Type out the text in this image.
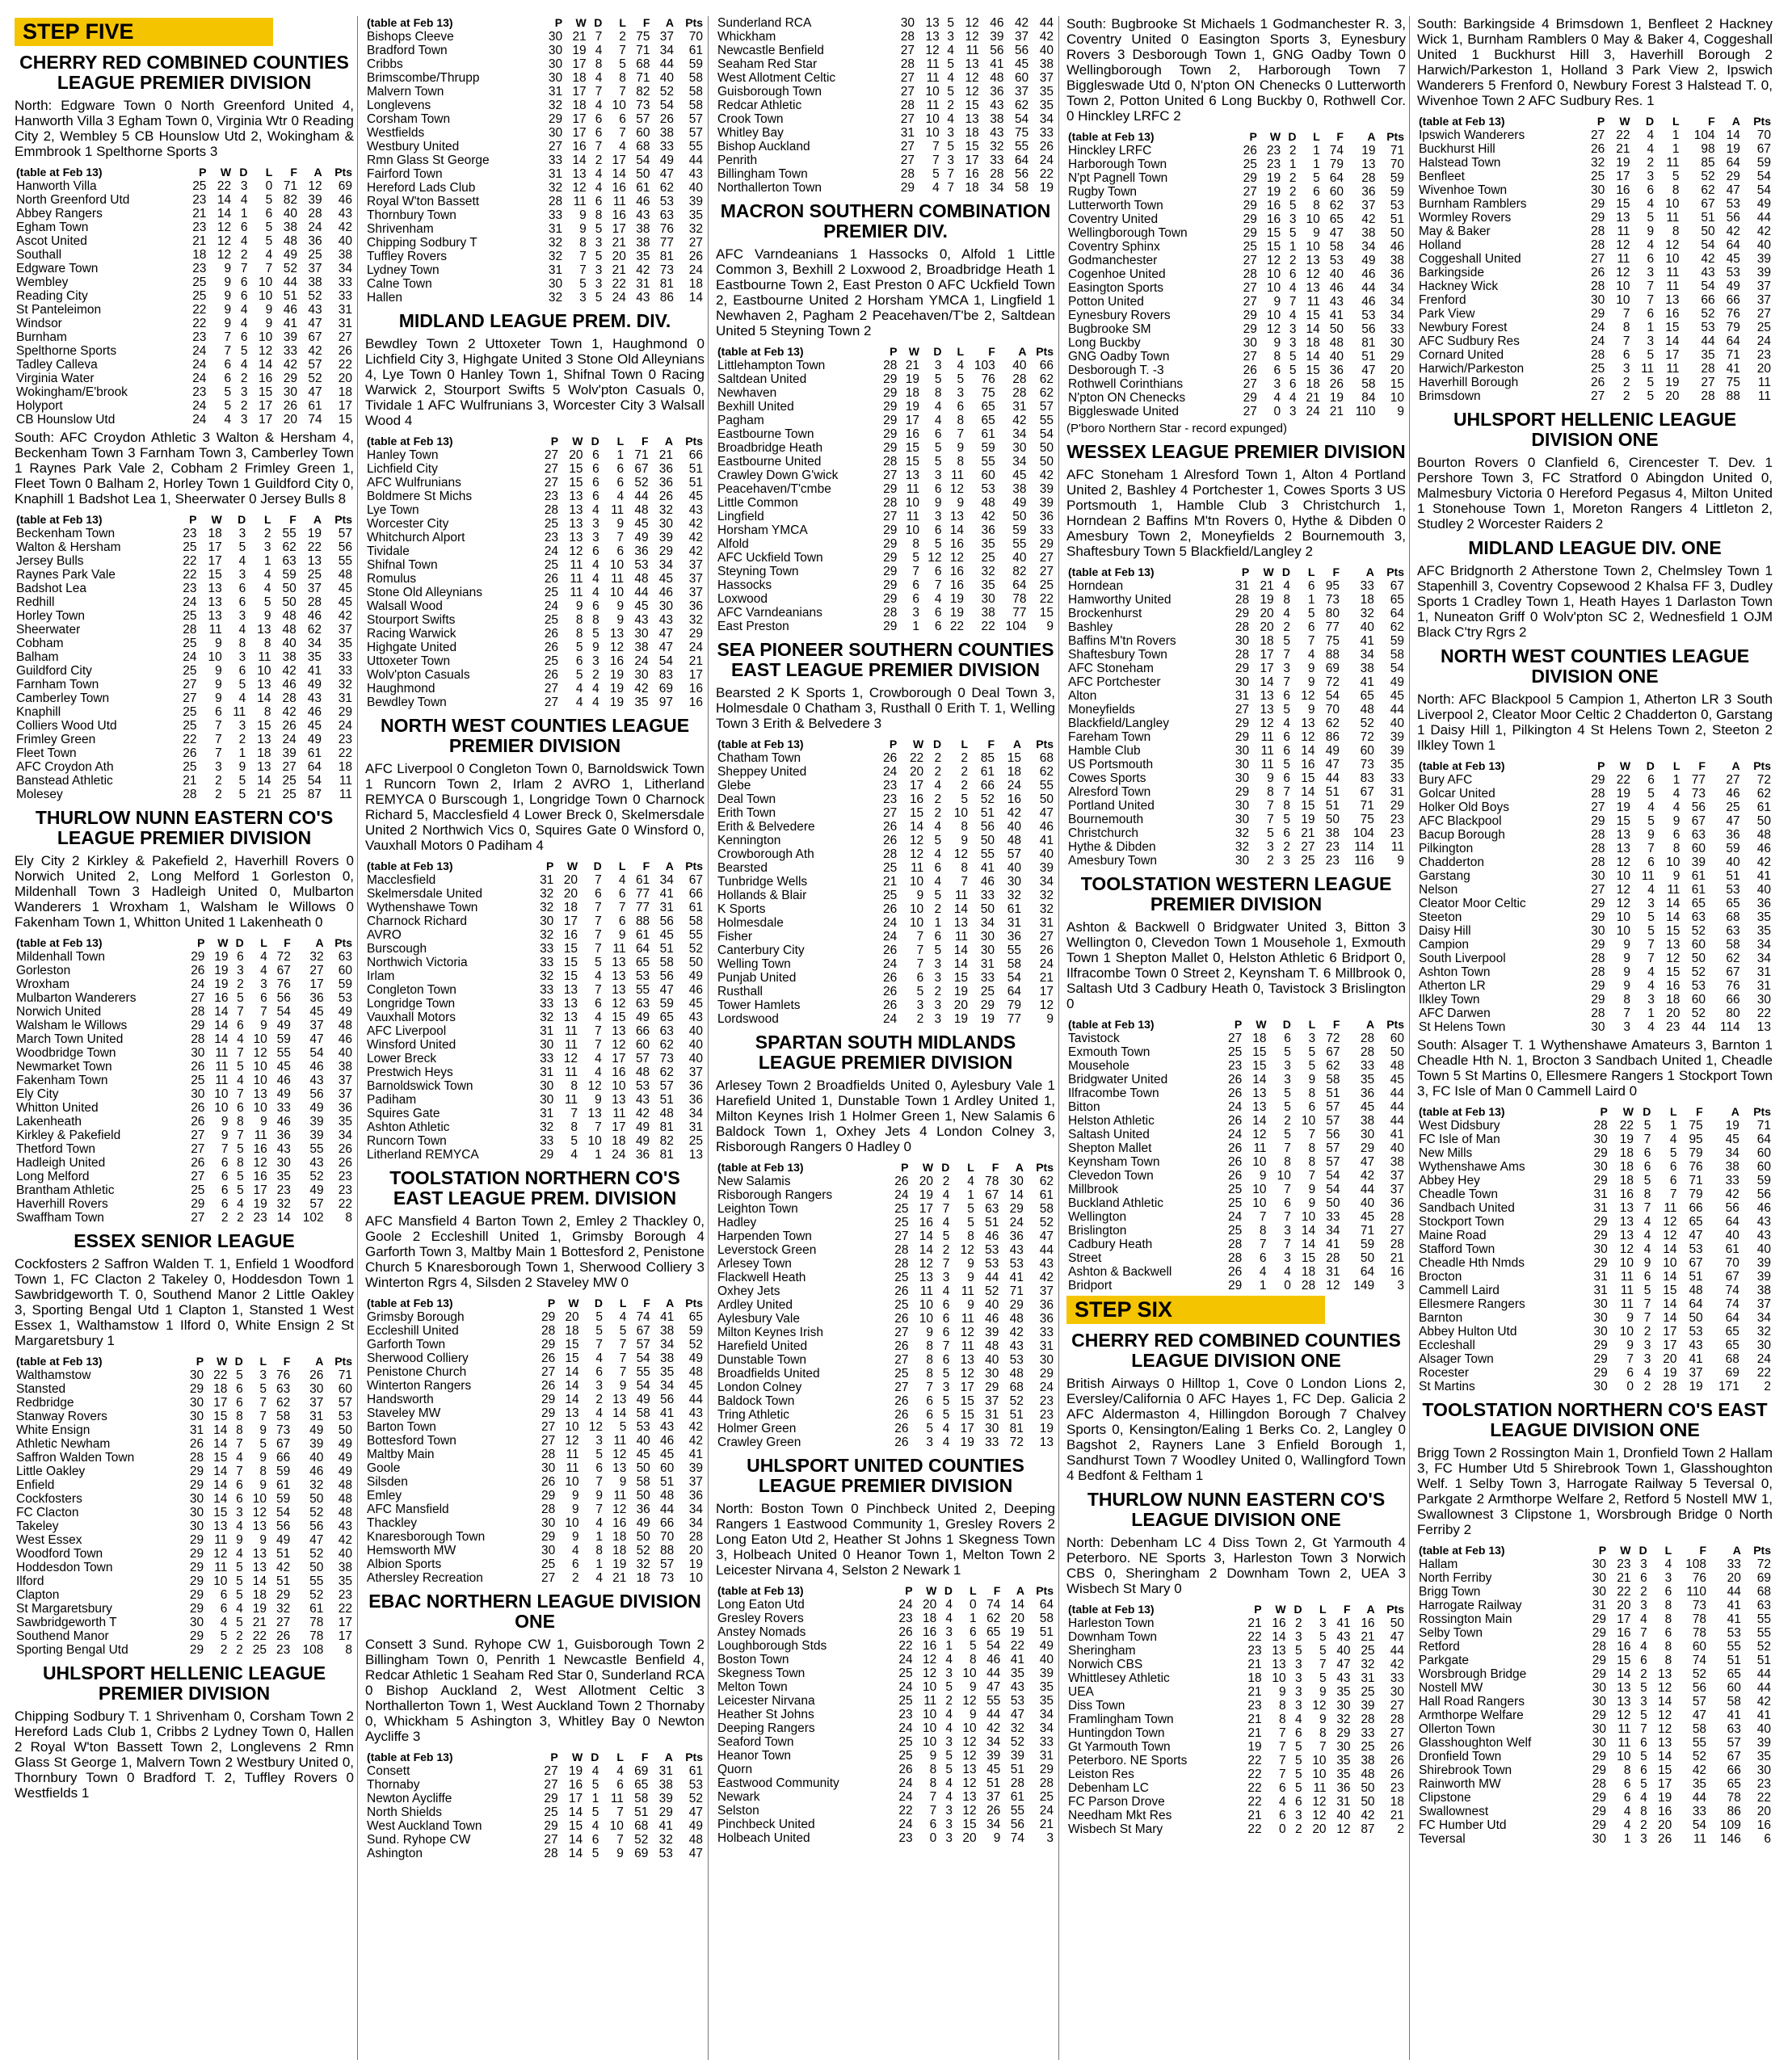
STEP FIVE
CHERRY RED COMBINED COUNTIES LEAGUE PREMIER DIVISION
North: Edgware Town 0 North Greenford United 4, Hanworth Villa 3 Egham Town 0, Virginia Wtr 0 Reading City 2, Wembley 5 CB Hounslow Utd 2, Wokingham & Emmbrook 1 Spelthorne Sports 3
(table at Feb 13)	P	W	D	L	F	A	Pts
Hanworth Villa	25	22	3	0	71	12	69
North Greenford Utd	23	14	4	5	82	39	46
Abbey Rangers	21	14	1	6	40	28	43
Egham Town	23	12	6	5	38	24	42
Ascot United	21	12	4	5	48	36	40
Southall	18	12	2	4	49	25	38
Edgware Town	23	9	7	7	52	37	34
Wembley	25	9	6	10	44	38	33
Reading City	25	9	6	10	51	52	33
St Panteleimon	22	9	4	9	46	43	31
Windsor	22	9	4	9	41	47	31
Burnham	23	7	6	10	39	67	27
Spelthorne Sports	24	7	5	12	33	42	26
Tadley Calleva	24	6	4	14	42	57	22
Virginia Water	24	6	2	16	29	52	20
Wokingham/E'brook	23	5	3	15	30	47	18
Holyport	24	5	2	17	26	61	17
CB Hounslow Utd	24	4	3	17	20	74	15
South: AFC Croydon Athletic 3 Walton & Hersham 4, Beckenham Town 3 Farnham Town 3, Camberley Town 1 Raynes Park Vale 2, Cobham 2 Frimley Green 1, Fleet Town 0 Balham 2, Horley Town 1 Guildford City 0, Knaphill 1 Badshot Lea 1, Sheerwater 0 Jersey Bulls 8
(table at Feb 13)	P	W	D	L	F	A	Pts
Beckenham Town	23	18	3	2	55	19	57
Walton & Hersham	25	17	5	3	62	22	56
Jersey Bulls	22	17	4	1	63	13	55
Raynes Park Vale	22	15	3	4	59	25	48
Badshot Lea	23	13	6	4	50	37	45
Redhill	24	13	6	5	50	28	45
Horley Town	25	13	3	9	48	46	42
Sheerwater	28	11	4	13	48	62	37
Cobham	25	9	8	8	40	34	35
Balham	24	10	3	11	38	35	33
Guildford City	25	9	6	10	42	41	33
Farnham Town	27	9	5	13	46	49	32
Camberley Town	27	9	4	14	28	43	31
Knaphill	25	6	11	8	42	46	29
Colliers Wood Utd	25	7	3	15	26	45	24
Frimley Green	22	7	2	13	24	49	23
Fleet Town	26	7	1	18	39	61	22
AFC Croydon Ath	25	3	9	13	27	64	18
Banstead Athletic	21	2	5	14	25	54	11
Molesey	28	2	5	21	25	87	11
THURLOW NUNN EASTERN CO'S LEAGUE PREMIER DIVISION
Ely City 2 Kirkley & Pakefield 2, Haverhill Rovers 0 Norwich United 2, Long Melford 1 Gorleston 0, Mildenhall Town 3 Hadleigh United 0, Mulbarton Wanderers 1 Wroxham 1, Walsham le Willows 0 Fakenham Town 1, Whitton United 1 Lakenheath 0
(table at Feb 13)	P	W	D	L	F	A	Pts
Mildenhall Town	29	19	6	4	72	32	63
Gorleston	26	19	3	4	67	27	60
Wroxham	24	19	2	3	76	17	59
Mulbarton Wanderers	27	16	5	6	56	36	53
Norwich United	28	14	7	7	54	45	49
Walsham le Willows	29	14	6	9	49	37	48
March Town United	28	14	4	10	59	47	46
Woodbridge Town	30	11	7	12	55	54	40
Newmarket Town	26	11	5	10	45	46	38
Fakenham Town	25	11	4	10	46	43	37
Ely City	30	10	7	13	49	56	37
Whitton United	26	10	6	10	33	49	36
Lakenheath	26	9	8	9	46	39	35
Kirkley & Pakefield	27	9	7	11	36	39	34
Thetford Town	27	7	5	16	43	55	26
Hadleigh United	26	6	8	12	30	43	26
Long Melford	27	6	5	16	35	52	23
Brantham Athletic	25	6	5	17	23	49	23
Haverhill Rovers	29	6	4	19	32	57	22
Swaffham Town	27	2	2	23	14	102	8
ESSEX SENIOR LEAGUE
Cockfosters 2 Saffron Walden T. 1, Enfield 1 Woodford Town 1, FC Clacton 2 Takeley 0, Hoddesdon Town 1 Sawbridgeworth T. 0, Southend Manor 2 Little Oakley 3, Sporting Bengal Utd 1 Clapton 1, Stansted 1 West Essex 1, Walthamstow 1 Ilford 0, White Ensign 2 St Margaretsbury 1
(table at Feb 13)	P	W	D	L	F	A	Pts
Walthamstow	30	22	5	3	76	26	71
Stansted	29	18	6	5	63	30	60
Redbridge	30	17	6	7	62	37	57
Stanway Rovers	30	15	8	7	58	31	53
White Ensign	31	14	8	9	73	49	50
Athletic Newham	26	14	7	5	67	39	49
Saffron Walden Town	28	15	4	9	66	40	49
Little Oakley	29	14	7	8	59	46	49
Enfield	29	14	6	9	61	32	48
Cockfosters	30	14	6	10	59	50	48
FC Clacton	30	15	3	12	54	52	48
Takeley	30	13	4	13	56	56	43
West Essex	29	11	9	9	49	47	42
Woodford Town	29	12	4	13	51	52	40
Hoddesdon Town	29	11	5	13	42	50	38
Ilford	29	10	5	14	51	55	35
Clapton	29	6	5	18	29	52	23
St Margaretsbury	29	6	4	19	32	61	22
Sawbridgeworth T	30	4	5	21	27	78	17
Southend Manor	29	5	2	22	26	78	17
Sporting Bengal Utd	29	2	2	25	23	108	8
UHLSPORT HELLENIC LEAGUE PREMIER DIVISION
Chipping Sodbury T. 1 Shrivenham 0, Corsham Town 2 Hereford Lads Club 1, Cribbs 2 Lydney Town 0, Hallen 2 Royal W'ton Bassett Town 2, Longlevens 2 Rmn Glass St George 1, Malvern Town 2 Westbury United 0, Thornbury Town 0 Bradford T. 2, Tuffley Rovers 0 Westfields 1
(table at Feb 13)	P	W	D	L	F	A	Pts
Bishops Cleeve	30	21	7	2	75	37	70
Bradford Town	30	19	4	7	71	34	61
Cribbs	30	17	8	5	68	44	59
Brimscombe/Thrupp	30	18	4	8	71	40	58
Malvern Town	31	17	7	7	82	52	58
Longlevens	32	18	4	10	73	54	58
Corsham Town	29	17	6	6	57	26	57
Westfields	30	17	6	7	60	38	57
Westbury United	27	16	7	4	68	33	55
Rmn Glass St George	33	14	2	17	54	49	44
Fairford Town	31	13	4	14	50	47	43
Hereford Lads Club	32	12	4	16	61	62	40
Royal W'ton Bassett	28	11	6	11	46	53	39
Thornbury Town	33	9	8	16	43	63	35
Shrivenham	31	9	5	17	38	76	32
Chipping Sodbury T	32	8	3	21	38	77	27
Tuffley Rovers	32	7	5	20	35	81	26
Lydney Town	31	7	3	21	42	73	24
Calne Town	30	5	3	22	31	81	18
Hallen	32	3	5	24	43	86	14
MIDLAND LEAGUE PREM. DIV.
Bewdley Town 2 Uttoxeter Town 1, Haughmond 0 Lichfield City 3, Highgate United 3 Stone Old Alleynians 4, Lye Town 0 Hanley Town 1, Shifnal Town 0 Racing Warwick 2, Stourport Swifts 5 Wolv'pton Casuals 0, Tividale 1 AFC Wulfrunians 3, Worcester City 3 Walsall Wood 4
(table at Feb 13)	P	W	D	L	F	A	Pts
Hanley Town	27	20	6	1	71	21	66
Lichfield City	27	15	6	6	67	36	51
AFC Wulfrunians	27	15	6	6	52	36	51
Boldmere St Michs	23	13	6	4	44	26	45
Lye Town	28	13	4	11	48	32	43
Worcester City	25	13	3	9	45	30	42
Whitchurch Alport	23	13	3	7	49	39	42
Tividale	24	12	6	6	36	29	42
Shifnal Town	25	11	4	10	53	34	37
Romulus	26	11	4	11	48	45	37
Stone Old Alleynians	25	11	4	10	44	46	37
Walsall Wood	24	9	6	9	45	30	36
Stourport Swifts	25	8	8	9	43	43	32
Racing Warwick	26	8	5	13	30	47	29
Highgate United	26	5	9	12	38	47	24
Uttoxeter Town	25	6	3	16	24	54	21
Wolv'pton Casuals	26	5	2	19	30	83	17
Haughmond	27	4	4	19	42	69	16
Bewdley Town	27	4	4	19	35	97	16
NORTH WEST COUNTIES LEAGUE PREMIER DIVISION
AFC Liverpool 0 Congleton Town 0, Barnoldswick Town 1 Runcorn Town 2, Irlam 2 AVRO 1, Litherland REMYCA 0 Burscough 1, Longridge Town 0 Charnock Richard 5, Macclesfield 4 Lower Breck 0, Skelmersdale United 2 Northwich Vics 0, Squires Gate 0 Winsford 0, Vauxhall Motors 0 Padiham 4
(table at Feb 13)	P	W	D	L	F	A	Pts
Macclesfield	31	20	7	4	61	34	67
Skelmersdale United	32	20	6	6	77	41	66
Wythenshawe Town	32	18	7	7	77	31	61
Charnock Richard	30	17	7	6	88	56	58
AVRO	32	16	7	9	61	45	55
Burscough	33	15	7	11	64	51	52
Northwich Victoria	33	15	5	13	65	58	50
Irlam	32	15	4	13	53	56	49
Congleton Town	33	13	7	13	55	47	46
Longridge Town	33	13	6	12	63	59	45
Vauxhall Motors	32	13	4	15	49	65	43
AFC Liverpool	31	11	7	13	66	63	40
Winsford United	30	11	7	12	60	62	40
Lower Breck	33	12	4	17	57	73	40
Prestwich Heys	31	11	4	16	48	62	37
Barnoldswick Town	30	8	12	10	53	57	36
Padiham	30	11	9	13	43	51	36
Squires Gate	31	7	13	11	42	48	34
Ashton Athletic	32	8	7	17	49	81	31
Runcorn Town	33	5	10	18	49	82	25
Litherland REMYCA	29	4	1	24	36	81	13
TOOLSTATION NORTHERN CO'S EAST LEAGUE PREM. DIVISION
AFC Mansfield 4 Barton Town 2, Emley 2 Thackley 0, Goole 2 Eccleshill United 1, Grimsby Borough 4 Garforth Town 3, Maltby Main 1 Bottesford 2, Penistone Church 5 Knaresborough Town 1, Sherwood Colliery 3 Winterton Rgrs 4, Silsden 2 Staveley MW 0
(table at Feb 13)	P	W	D	L	F	A	Pts
Grimsby Borough	29	20	5	4	74	41	65
Eccleshill United	28	18	5	5	67	38	59
Garforth Town	29	15	7	7	57	34	52
Sherwood Colliery	26	15	4	7	54	38	49
Penistone Church	27	14	6	7	55	35	48
Winterton Rangers	26	14	3	9	54	34	45
Handsworth	29	14	2	13	49	56	44
Staveley MW	29	13	4	14	58	41	43
Barton Town	27	10	12	5	53	43	42
Bottesford Town	27	12	3	11	40	46	42
Maltby Main	28	11	5	12	45	45	41
Goole	30	11	6	13	50	60	39
Silsden	26	10	7	9	58	51	37
Emley	29	9	9	11	50	48	36
AFC Mansfield	28	9	7	12	36	44	34
Thackley	30	10	4	16	49	66	34
Knaresborough Town	29	9	1	18	50	70	28
Hemsworth MW	30	4	8	18	52	88	20
Albion Sports	25	6	1	19	32	57	19
Athersley Recreation	27	2	4	21	18	73	10
EBAC NORTHERN LEAGUE DIVISION ONE
Consett 3 Sund. Ryhope CW 1, Guisborough Town 2 Billingham Town 0, Penrith 1 Newcastle Benfield 4, Redcar Athletic 1 Seaham Red Star 0, Sunderland RCA 0 Bishop Auckland 2, West Allotment Celtic 3 Northallerton Town 1, West Auckland Town 2 Thornaby 0, Whickham 5 Ashington 3, Whitley Bay 0 Newton Aycliffe 3
(table at Feb 13)	P	W	D	L	F	A	Pts
Consett	27	19	4	4	69	31	61
Thornaby	27	16	5	6	65	38	53
Newton Aycliffe	29	17	1	11	58	39	52
North Shields	25	14	5	7	51	29	47
West Auckland Town	29	15	4	10	68	41	49
Sund. Ryhope CW	27	14	6	7	52	32	48
Ashington	28	14	5	9	69	53	47
Sunderland RCA	30	13	5	12	46	42	44
Whickham	28	13	3	12	39	37	42
Newcastle Benfield	27	12	4	11	56	56	40
Seaham Red Star	28	11	5	13	41	45	38
West Allotment Celtic	27	11	4	12	48	60	37
Guisborough Town	27	10	5	12	36	37	35
Redcar Athletic	28	11	2	15	43	62	35
Crook Town	27	10	4	13	38	54	34
Whitley Bay	31	10	3	18	43	75	33
Bishop Auckland	27	7	5	15	32	55	26
Penrith	27	7	3	17	33	64	24
Billingham Town	28	5	7	16	28	56	22
Northallerton Town	29	4	7	18	34	58	19
MACRON SOUTHERN COMBINATION PREMIER DIV.
AFC Varndeanians 1 Hassocks 0, Alfold 1 Little Common 3, Bexhill 2 Loxwood 2, Broadbridge Heath 1 Eastbourne Town 2, East Preston 0 AFC Uckfield Town 2, Eastbourne United 2 Horsham YMCA 1, Lingfield 1 Newhaven 2, Pagham 2 Peacehaven/T'be 2, Saltdean United 5 Steyning Town 2
(table at Feb 13)	P	W	D	L	F	A	Pts
Littlehampton Town	28	21	3	4	103	40	66
Saltdean United	29	19	5	5	76	28	62
Newhaven	29	18	8	3	75	28	62
Bexhill United	29	19	4	6	65	31	57
Pagham	29	17	4	8	65	42	55
Eastbourne Town	29	16	6	7	61	34	54
Broadbridge Heath	29	15	5	9	59	30	50
Eastbourne United	28	15	5	8	55	34	50
Crawley Down G'wick	27	13	3	11	60	45	42
Peacehaven/T'cmbe	29	11	6	12	53	38	39
Little Common	28	10	9	9	48	49	39
Lingfield	27	11	3	13	42	50	36
Horsham YMCA	29	10	6	14	36	59	33
Alfold	29	8	5	16	35	55	29
AFC Uckfield Town	29	5	12	12	25	40	27
Steyning Town	29	7	6	16	32	82	27
Hassocks	29	6	7	16	35	64	25
Loxwood	29	6	4	19	30	78	22
AFC Varndeanians	28	3	6	19	38	77	15
East Preston	29	1	6	22	22	104	9
SEA PIONEER SOUTHERN COUNTIES EAST LEAGUE PREMIER DIVISION
Bearsted 2 K Sports 1, Crowborough 0 Deal Town 3, Holmesdale 0 Chatham 3, Rusthall 0 Erith T. 1, Welling Town 3 Erith & Belvedere 3
(table at Feb 13)	P	W	D	L	F	A	Pts
Chatham Town	26	22	2	2	85	15	68
Sheppey United	24	20	2	2	61	18	62
Glebe	23	17	4	2	66	24	55
Deal Town	23	16	2	5	52	16	50
Erith Town	27	15	2	10	51	42	47
Erith & Belvedere	26	14	4	8	56	40	46
Kennington	26	12	5	9	50	48	41
Crowborough Ath	28	12	4	12	55	57	40
Bearsted	25	11	6	8	41	40	39
Tunbridge Wells	21	10	4	7	46	30	34
Hollands & Blair	25	9	5	11	33	32	32
K Sports	26	10	2	14	50	61	32
Holmesdale	24	10	1	13	34	31	31
Fisher	24	7	6	11	30	36	27
Canterbury City	26	7	5	14	30	55	26
Welling Town	24	7	3	14	31	58	24
Punjab United	26	6	3	15	33	54	21
Rusthall	26	5	2	19	25	64	17
Tower Hamlets	26	3	3	20	29	79	12
Lordswood	24	2	3	19	19	77	9
SPARTAN SOUTH MIDLANDS LEAGUE PREMIER DIVISION
Arlesey Town 2 Broadfields United 0, Aylesbury Vale 1 Harefield United 1, Dunstable Town 1 Ardley United 1, Milton Keynes Irish 1 Holmer Green 1, New Salamis 6 Baldock Town 1, Oxhey Jets 4 London Colney 3, Risborough Rangers 0 Hadley 0
(table at Feb 13)	P	W	D	L	F	A	Pts
New Salamis	26	20	2	4	78	30	62
Risborough Rangers	24	19	4	1	67	14	61
Leighton Town	25	17	7	5	63	29	58
Hadley	25	16	4	5	51	24	52
Harpenden Town	27	14	5	8	46	36	47
Leverstock Green	28	14	2	12	53	43	44
Arlesey Town	28	12	7	9	53	53	43
Flackwell Heath	25	13	3	9	44	41	42
Oxhey Jets	26	11	4	11	52	71	37
Ardley United	25	10	6	9	40	29	36
Aylesbury Vale	26	10	6	11	46	48	36
Milton Keynes Irish	27	9	6	12	39	42	33
Harefield United	26	8	7	11	48	43	31
Dunstable Town	27	8	6	13	40	53	30
Broadfields United	25	8	5	12	30	48	29
London Colney	27	7	3	17	29	68	24
Baldock Town	26	6	5	15	37	52	23
Tring Athletic	26	6	5	15	31	51	23
Holmer Green	26	5	4	17	30	81	19
Crawley Green	26	3	4	19	33	72	13
UHLSPORT UNITED COUNTIES LEAGUE PREMIER DIVISION
North: Boston Town 0 Pinchbeck United 2, Deeping Rangers 1 Eastwood Community 1, Gresley Rovers 2 Long Eaton Utd 2, Heather St Johns 1 Skegness Town 3, Holbeach United 0 Heanor Town 1, Melton Town 2 Leicester Nirvana 4, Selston 2 Newark 1
(table at Feb 13)	P	W	D	L	F	A	Pts
Long Eaton Utd	24	20	4	0	74	14	64
Gresley Rovers	23	18	4	1	62	20	58
Anstey Nomads	26	16	3	6	65	19	51
Loughborough Stds	22	16	1	5	54	22	49
Boston Town	24	12	4	8	46	41	40
Skegness Town	25	12	3	10	44	35	39
Melton Town	24	10	5	9	47	43	35
Leicester Nirvana	25	11	2	12	55	53	35
Heather St Johns	23	10	4	9	44	47	34
Deeping Rangers	24	10	4	10	42	32	34
Seaford Town	25	10	3	12	34	52	33
Heanor Town	25	9	5	12	39	39	31
Quorn	26	8	5	13	45	51	29
Eastwood Community	24	8	4	12	51	28	28
Newark	24	7	4	13	37	61	25
Selston	22	7	3	12	26	55	24
Pinchbeck United	24	6	3	15	34	56	21
Holbeach United	23	0	3	20	9	74	3
South: Bugbrooke St Michaels 1 Godmanchester R. 3, Coventry United 0 Easington Sports 3, Eynesbury Rovers 3 Desborough Town 1, GNG Oadby Town 0 Wellingborough Town 2, Harborough Town 7 Biggleswade Utd 0, N'pton ON Chenecks 0 Lutterworth Town 2, Potton United 6 Long Buckby 0, Rothwell Cor. 0 Hinckley LRFC 2
(table at Feb 13)	P	W	D	L	F	A	Pts
Hinckley LRFC	26	23	2	1	74	19	71
Harborough Town	25	23	1	1	79	13	70
N'pt Pagnell Town	29	19	2	5	64	28	59
Rugby Town	27	19	2	6	60	36	59
Lutterworth Town	29	16	5	8	62	37	53
Coventry United	29	16	3	10	65	42	51
Wellingborough Town	29	15	5	9	47	38	50
Coventry Sphinx	25	15	1	10	58	34	46
Godmanchester	27	12	2	13	53	49	38
Cogenhoe United	28	10	6	12	40	46	36
Easington Sports	27	10	4	13	46	44	34
Potton United	27	9	7	11	43	46	34
Eynesbury Rovers	29	10	4	15	41	53	34
Bugbrooke SM	29	12	3	14	50	56	33
Long Buckby	30	9	3	18	48	81	30
GNG Oadby Town	27	8	5	14	40	51	29
Desborough T. -3	26	6	5	15	36	47	20
Rothwell Corinthians	27	3	6	18	26	58	15
N'pton ON Chenecks	29	4	4	21	19	84	10
Biggleswade United	27	0	3	24	21	110	9
(P'boro Northern Star - record expunged)
WESSEX LEAGUE PREMIER DIVISION
AFC Stoneham 1 Alresford Town 1, Alton 4 Portland United 2, Bashley 4 Portchester 1, Cowes Sports 3 US Portsmouth 1, Hamble Club 3 Christchurch 1, Horndean 2 Baffins M'tn Rovers 0, Hythe & Dibden 0 Amesbury Town 2, Moneyfields 2 Bournemouth 3, Shaftesbury Town 5 Blackfield/Langley 2
(table at Feb 13)	P	W	D	L	F	A	Pts
Horndean	31	21	4	6	95	33	67
Hamworthy United	28	19	8	1	73	18	65
Brockenhurst	29	20	4	5	80	32	64
Bashley	28	20	2	6	77	40	62
Baffins M'tn Rovers	30	18	5	7	75	41	59
Shaftesbury Town	28	17	7	4	88	34	58
AFC Stoneham	29	17	3	9	69	38	54
AFC Portchester	30	14	7	9	72	41	49
Alton	31	13	6	12	54	65	45
Moneyfields	27	13	5	9	70	48	44
Blackfield/Langley	29	12	4	13	62	52	40
Fareham Town	29	11	6	12	86	72	39
Hamble Club	30	11	6	14	49	60	39
US Portsmouth	30	11	5	16	47	73	35
Cowes Sports	30	9	6	15	44	83	33
Alresford Town	29	8	7	14	51	67	31
Portland United	30	7	8	15	51	71	29
Bournemouth	30	7	5	19	50	75	23
Christchurch	32	5	6	21	38	104	23
Hythe & Dibden	32	3	2	27	23	114	11
Amesbury Town	30	2	3	25	23	116	9
TOOLSTATION WESTERN LEAGUE PREMIER DIVISION
Ashton & Backwell 0 Bridgwater United 3, Bitton 3 Wellington 0, Clevedon Town 1 Mousehole 1, Exmouth Town 1 Shepton Mallet 0, Helston Athletic 6 Bridport 0, Ilfracombe Town 0 Street 2, Keynsham T. 6 Millbrook 0, Saltash Utd 3 Cadbury Heath 0, Tavistock 3 Brislington 0
(table at Feb 13)	P	W	D	L	F	A	Pts
Tavistock	27	18	6	3	72	28	60
Exmouth Town	25	15	5	5	67	28	50
Mousehole	23	15	3	5	62	33	48
Bridgwater United	26	14	3	9	58	35	45
Ilfracombe Town	26	13	5	8	51	36	44
Bitton	24	13	5	6	57	45	44
Helston Athletic	26	14	2	10	57	38	44
Saltash United	24	12	5	7	56	30	41
Shepton Mallet	26	11	7	8	57	29	40
Keynsham Town	26	10	8	8	57	47	38
Clevedon Town	26	9	10	7	54	42	37
Millbrook	25	10	7	9	54	44	37
Buckland Athletic	25	10	6	9	50	40	36
Wellington	24	7	7	10	33	45	28
Brislington	25	8	3	14	34	71	27
Cadbury Heath	28	7	7	14	41	59	28
Street	28	6	3	15	28	50	21
Ashton & Backwell	26	4	4	18	31	64	16
Bridport	29	1	0	28	12	149	3
STEP SIX
CHERRY RED COMBINED COUNTIES LEAGUE DIVISION ONE
British Airways 0 Hilltop 1, Cove 0 London Lions 2, Eversley/California 0 AFC Hayes 1, FC Dep. Galicia 2 AFC Aldermaston 4, Hillingdon Borough 7 Chalvey Sports 0, Kensington/Ealing 1 Berks Co. 2, Langley 0 Bagshot 2, Rayners Lane 3 Enfield Borough 1, Sandhurst Town 7 Woodley United 0, Wallingford Town 4 Bedfont & Feltham 1
THURLOW NUNN EASTERN CO'S LEAGUE DIVISION ONE
North: Debenham LC 4 Diss Town 2, Gt Yarmouth 4 Peterboro. NE Sports 3, Harleston Town 3 Norwich CBS 0, Sheringham 2 Downham Town 2, UEA 3 Wisbech St Mary 0
(table at Feb 13)	P	W	D	L	F	A	Pts
Harleston Town	21	16	2	3	41	16	50
Downham Town	22	14	3	5	43	21	47
Sheringham	23	13	5	5	40	25	44
Norwich CBS	21	13	3	7	47	32	42
Whittlesey Athletic	18	10	3	5	43	31	33
UEA	21	9	3	9	35	25	30
Diss Town	23	8	3	12	30	39	27
Framlingham Town	21	8	4	9	32	28	28
Huntingdon Town	21	7	6	8	29	33	27
Gt Yarmouth Town	19	7	5	7	30	25	26
Peterboro. NE Sports	22	7	5	10	35	38	26
Leiston Res	22	7	5	10	35	48	26
Debenham LC	22	6	5	11	36	50	23
FC Parson Drove	22	4	6	12	31	50	18
Needham Mkt Res	21	6	3	12	40	42	21
Wisbech St Mary	22	0	2	20	12	87	2
South: Barkingside 4 Brimsdown 1, Benfleet 2 Hackney Wick 1, Burnham Ramblers 0 May & Baker 4, Coggeshall United 1 Buckhurst Hill 3, Haverhill Borough 2 Harwich/Parkeston 1, Holland 3 Park View 2, Ipswich Wanderers 5 Frenford 0, Newbury Forest 3 Halstead T. 0, Wivenhoe Town 2 AFC Sudbury Res. 1
(table at Feb 13)	P	W	D	L	F	A	Pts
Ipswich Wanderers	27	22	4	1	104	14	70
Buckhurst Hill	26	21	4	1	98	19	67
Halstead Town	32	19	2	11	85	64	59
Benfleet	25	17	3	5	52	29	54
Wivenhoe Town	30	16	6	8	62	47	54
Burnham Ramblers	29	15	4	10	67	53	49
Wormley Rovers	29	13	5	11	51	56	44
May & Baker	28	11	9	8	50	42	42
Holland	28	12	4	12	54	64	40
Coggeshall United	27	11	6	10	42	45	39
Barkingside	26	12	3	11	43	53	39
Hackney Wick	28	10	7	11	54	49	37
Frenford	30	10	7	13	66	66	37
Park View	29	7	6	16	52	76	27
Newbury Forest	24	8	1	15	53	79	25
AFC Sudbury Res	24	7	3	14	44	64	24
Cornard United	28	6	5	17	35	71	23
Harwich/Parkeston	25	3	11	11	28	41	20
Haverhill Borough	26	2	5	19	27	75	11
Brimsdown	27	2	5	20	28	88	11
UHLSPORT HELLENIC LEAGUE DIVISION ONE
Bourton Rovers 0 Clanfield 6, Cirencester T. Dev. 1 Pershore Town 3, FC Stratford 0 Abingdon United 0, Malmesbury Victoria 0 Hereford Pegasus 4, Milton United 1 Stonehouse Town 1, Moreton Rangers 4 Littleton 2, Studley 2 Worcester Raiders 2
MIDLAND LEAGUE DIV. ONE
AFC Bridgnorth 2 Atherstone Town 2, Chelmsley Town 1 Stapenhill 3, Coventry Copsewood 2 Khalsa FF 3, Dudley Sports 1 Cradley Town 1, Heath Hayes 1 Darlaston Town 1, Nuneaton Griff 0 Wolv'pton SC 2, Wednesfield 1 OJM Black C'try Rgrs 2
NORTH WEST COUNTIES LEAGUE DIVISION ONE
North: AFC Blackpool 5 Campion 1, Atherton LR 3 South Liverpool 2, Cleator Moor Celtic 2 Chadderton 0, Garstang 1 Daisy Hill 1, Pilkington 4 St Helens Town 2, Steeton 2 Ilkley Town 1
(table at Feb 13)	P	W	D	L	F	A	Pts
Bury AFC	29	22	6	1	77	27	72
Golcar United	28	19	5	4	73	46	62
Holker Old Boys	27	19	4	4	56	25	61
AFC Blackpool	29	15	5	9	67	47	50
Bacup Borough	28	13	9	6	63	36	48
Pilkington	28	13	7	8	60	59	46
Chadderton	28	12	6	10	39	40	42
Garstang	30	10	11	9	61	51	41
Nelson	27	12	4	11	61	53	40
Cleator Moor Celtic	29	12	3	14	65	65	36
Steeton	29	10	5	14	63	68	35
Daisy Hill	30	10	5	15	52	63	35
Campion	29	9	7	13	60	58	34
South Liverpool	28	9	7	12	50	62	34
Ashton Town	28	9	4	15	52	67	31
Atherton LR	29	9	4	16	53	76	31
Ilkley Town	29	8	3	18	60	66	30
AFC Darwen	28	7	1	20	52	80	22
St Helens Town	30	3	4	23	44	114	13
South: Alsager T. 1 Wythenshawe Amateurs 3, Barnton 1 Cheadle Hth N. 1, Brocton 3 Sandbach United 1, Cheadle Town 5 St Martins 0, Ellesmere Rangers 1 Stockport Town 3, FC Isle of Man 0 Cammell Laird 0
(table at Feb 13)	P	W	D	L	F	A	Pts
West Didsbury	28	22	5	1	75	19	71
FC Isle of Man	30	19	7	4	95	45	64
New Mills	29	18	6	5	79	34	60
Wythenshawe Ams	30	18	6	6	76	38	60
Abbey Hey	29	18	5	6	71	33	59
Cheadle Town	31	16	8	7	79	42	56
Sandbach United	31	13	7	11	66	56	46
Stockport Town	29	13	4	12	65	64	43
Maine Road	29	13	4	12	47	40	43
Stafford Town	30	12	4	14	53	61	40
Cheadle Hth Nmds	29	10	9	10	67	70	39
Brocton	31	11	6	14	51	67	39
Cammell Laird	31	11	5	15	48	74	38
Ellesmere Rangers	30	11	7	14	64	74	37
Barnton	30	9	7	14	50	64	34
Abbey Hulton Utd	30	10	2	17	53	65	32
Eccleshall	29	9	3	17	43	65	30
Alsager Town	29	7	3	20	41	68	24
Rocester	29	6	4	19	37	69	22
St Martins	30	0	2	28	19	171	2
TOOLSTATION NORTHERN CO'S EAST LEAGUE DIVISION ONE
Brigg Town 2 Rossington Main 1, Dronfield Town 2 Hallam 3, FC Humber Utd 5 Shirebrook Town 1, Glasshoughton Welf. 1 Selby Town 3, Harrogate Railway 5 Teversal 0, Parkgate 2 Armthorpe Welfare 2, Retford 5 Nostell MW 1, Swallownest 3 Clipstone 1, Worsbrough Bridge 0 North Ferriby 2
(table at Feb 13)	P	W	D	L	F	A	Pts
Hallam	30	23	3	4	108	33	72
North Ferriby	30	21	6	3	76	20	69
Brigg Town	30	22	2	6	110	44	68
Harrogate Railway	31	20	3	8	73	41	63
Rossington Main	29	17	4	8	78	41	55
Selby Town	29	16	7	6	78	53	55
Retford	28	16	4	8	60	55	52
Parkgate	29	15	6	8	74	51	51
Worsbrough Bridge	29	14	2	13	52	65	44
Nostell MW	30	13	5	12	56	60	44
Hall Road Rangers	30	13	3	14	57	58	42
Armthorpe Welfare	29	12	5	12	47	41	41
Ollerton Town	30	11	7	12	58	63	40
Glasshoughton Welf	30	11	6	13	55	57	39
Dronfield Town	29	10	5	14	52	67	35
Shirebrook Town	29	8	6	15	42	66	30
Rainworth MW	28	6	5	17	35	65	23
Clipstone	29	6	4	19	44	78	22
Swallownest	29	4	8	16	33	86	20
FC Humber Utd	29	4	2	20	54	109	16
Teversal	30	1	3	26	11	146	6
